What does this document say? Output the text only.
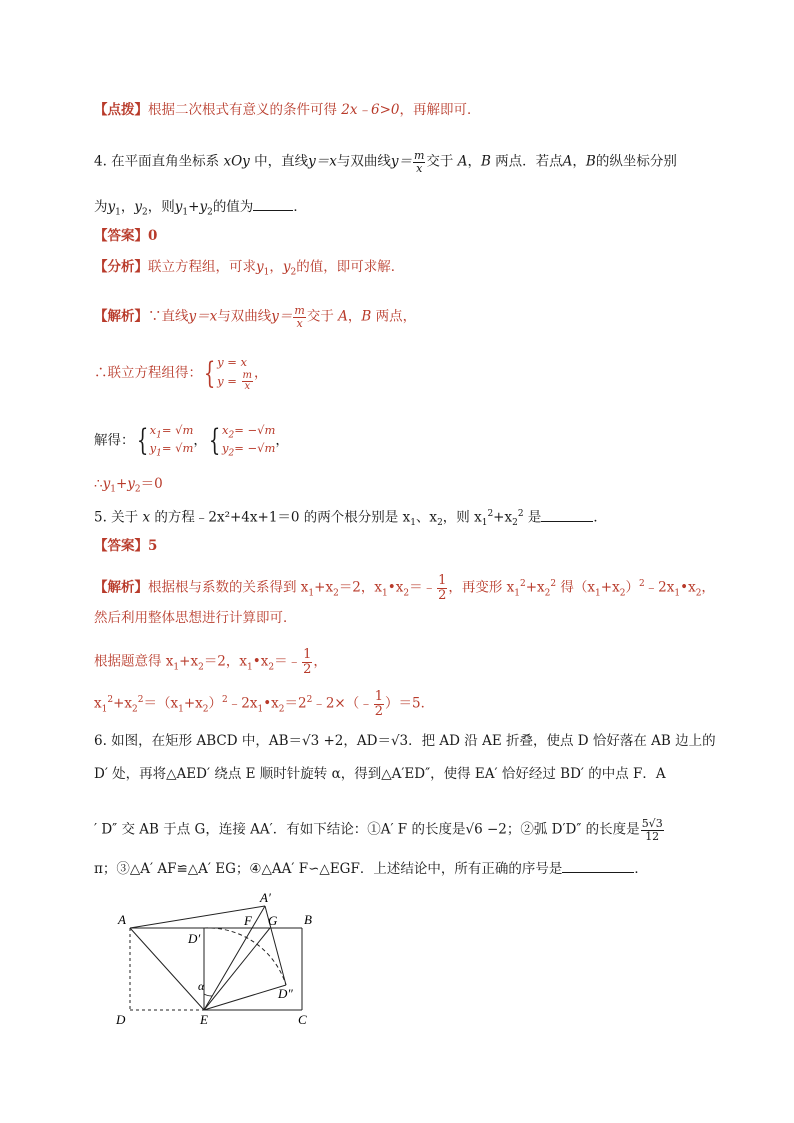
【点拨】根据二次根式有意义的条件可得 2x﹣6>0，再解即可．
4. 在平面直角坐标系 xOy 中，直线y＝x与双曲线$y= \frac{m}{x}$ 交于 A，B 两点．若点A，B的纵坐标分别
为$y_1$，$y_2$，则$y_1+y_2$的值为	．
【答案】0
【分析】联立方程组，可求$y_1$，$y_2$的值，即可求解．
【解析】∵直线y＝x与双曲线$y= \frac{m}{x}$ 交于 A，B 两点，
∴联立方程组得：{ y = x
$y = \frac{m}{x}$ ，
解得：{ $x_1= √m$
$y_1= √m$ ，{ $x_2= -√m$
$y_2= -√m$ ，
$\therefore y_1+y_2=0$
5. 关于 x 的方程﹣2x²+4x+1＝0 的两个根分别是 $x_1$、$x_2$，则 $x_1^2+x_2^2$ 是	．
【答案】5
【解析】根据根与系数的关系得到 $x_1+x_2=2$，$x_1•x_2=﹣ \frac{1}{2}$ ，再变形 $x_1^2+x_2^2$ 得$(x_1+x_2)^2﹣2x_1•x_2$，
然后利用整体思想进行计算即可．
根据题意得 $x_1+x_2=2$，$x_1•x_2=﹣ \frac{1}{2}$ ，
$x_1^2+x_2^2=(x_1+x_2)^2﹣2x_1•x_2=2^2﹣2\times(﹣ \frac{1}{2} )=5$．
6. 如图，在矩形 ABCD 中，AB＝√3 +2，AD＝√3．把 AD 沿 AE 折叠，使点 D 恰好落在 AB 边上的
D′ 处，再将△AED′ 绕点 E 顺时针旋转 α，得到△A′ED″，使得 EA′ 恰好经过 BD′ 的中点 F．A
′ D″ 交 AB 于点 G，连接 AA′．有如下结论：①A′ F 的长度是√6 −2；②弧 D′D″ 的长度是 $\frac{5√3}{12}$
π；③△A′ AF≌△A′ EG；④△AA′ F∽△EGF．上述结论中，所有正确的序号是	．
A	B
C
D	E
A′
D′
D″
F G
α
